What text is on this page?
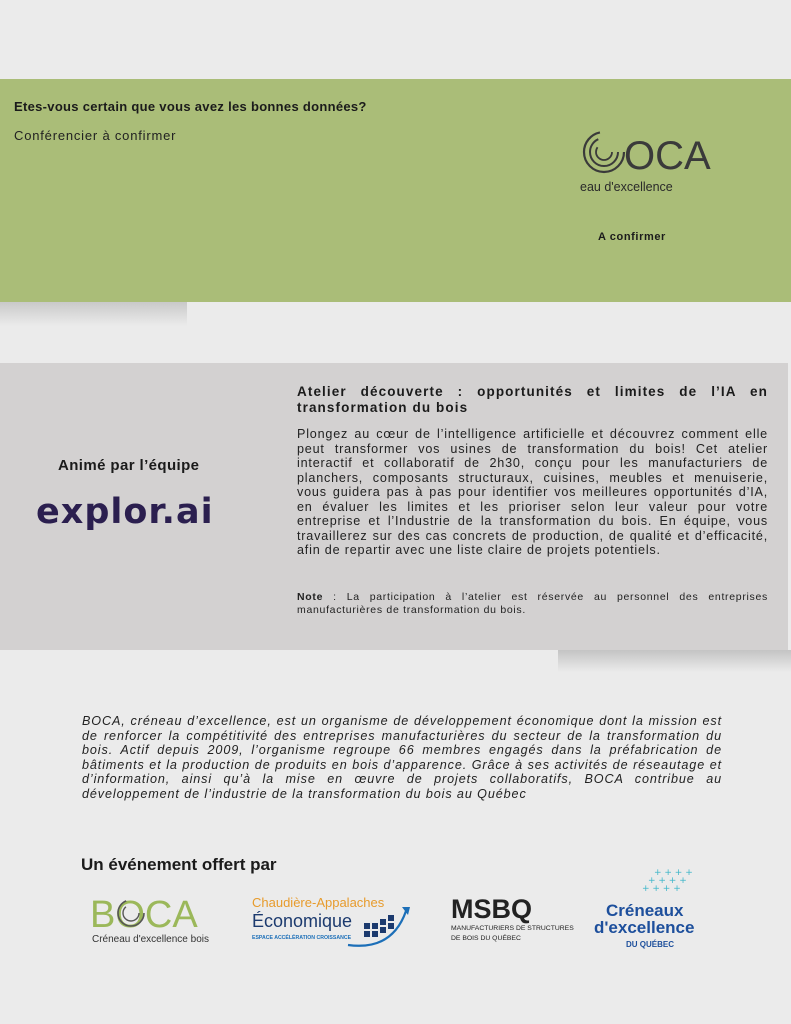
Etes-vous certain que vous avez les bonnes données?
Conférencier à confirmer	OCA
eau d'excellence
A confirmer
Animé par l’équipe
explor.ai
Atelier découverte : opportunités et limites de l’IA en transformation du bois
Plongez au cœur de l’intelligence artificielle et découvrez comment elle peut transformer vos usines de transformation du bois! Cet atelier interactif et collaboratif de 2h30, conçu pour les manufacturiers de planchers, composants structuraux, cuisines, meubles et menuiserie, vous guidera pas à pas pour identifier vos meilleures opportunités d’IA, en évaluer les limites et les prioriser selon leur valeur pour votre entreprise et l’Industrie de la transformation du bois. En équipe, vous travaillerez sur des cas concrets de production, de qualité et d’efficacité, afin de repartir avec une liste claire de projets potentiels.
Note : La participation à l’atelier est réservée au personnel des entreprises manufacturières de transformation du bois.
BOCA, créneau d’excellence, est un organisme de développement économique dont la mission est de renforcer la compétitivité des entreprises manufacturières du secteur de la transformation du bois. Actif depuis 2009, l’organisme regroupe 66 membres engagés dans la préfabrication de bâtiments et la production de produits en bois d’apparence. Grâce à ses activités de réseautage et d’information, ainsi qu’à la mise en œuvre de projets collaboratifs, BOCA contribue au développement de l’industrie de la transformation du bois au Québec
Un événement offert par
BOCA
Créneau d'excellence bois
Chaudière-Appalaches
Économique
ESPACE ACCÉLÉRATION CROISSANCE
MSBQ
MANUFACTURIERS DE STRUCTURES
DE BOIS DU QUÉBEC
+ + + +
+ + + +
+ + + +
Créneaux
d'excellence
DU QUÉBEC
